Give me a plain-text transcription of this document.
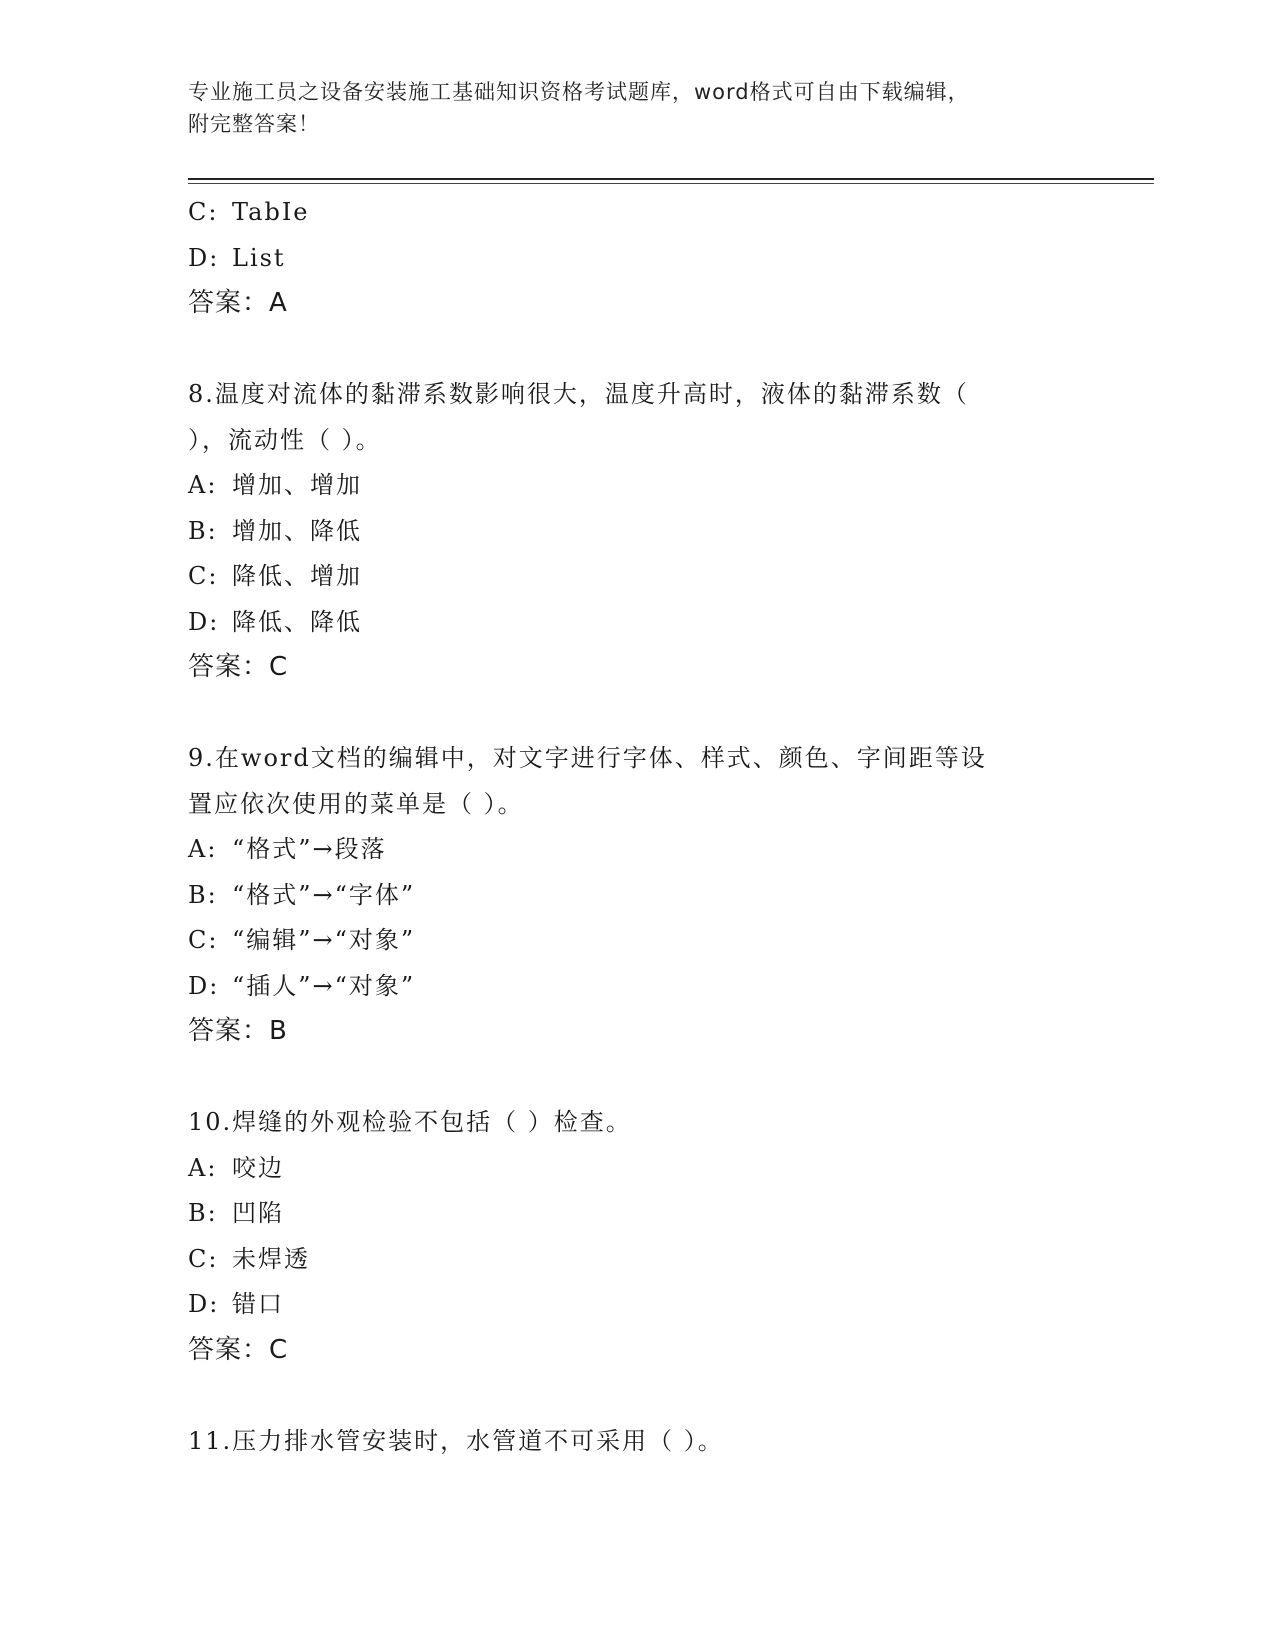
专业施工员之设备安装施工基础知识资格考试题库，word格式可自由下载编辑，
附完整答案！
C: TabIe
D: List
答案：A
8.温度对流体的黏滞系数影响很大，温度升高时，液体的黏滞系数（
），流动性（ ）。
A: 增加、增加
B: 增加、降低
C: 降低、增加
D: 降低、降低
答案：C
9.在word文档的编辑中，对文字进行字体、样式、颜色、字间距等设
置应依次使用的菜单是（ ）。
A: “格式”→段落
B: “格式”→“字体”
C: “编辑”→“对象”
D: “插人”→“对象”
答案：B
10.焊缝的外观检验不包括（ ）检查。
A: 咬边
B: 凹陷
C: 未焊透
D: 错口
答案：C
11.压力排水管安装时，水管道不可采用（ ）。
